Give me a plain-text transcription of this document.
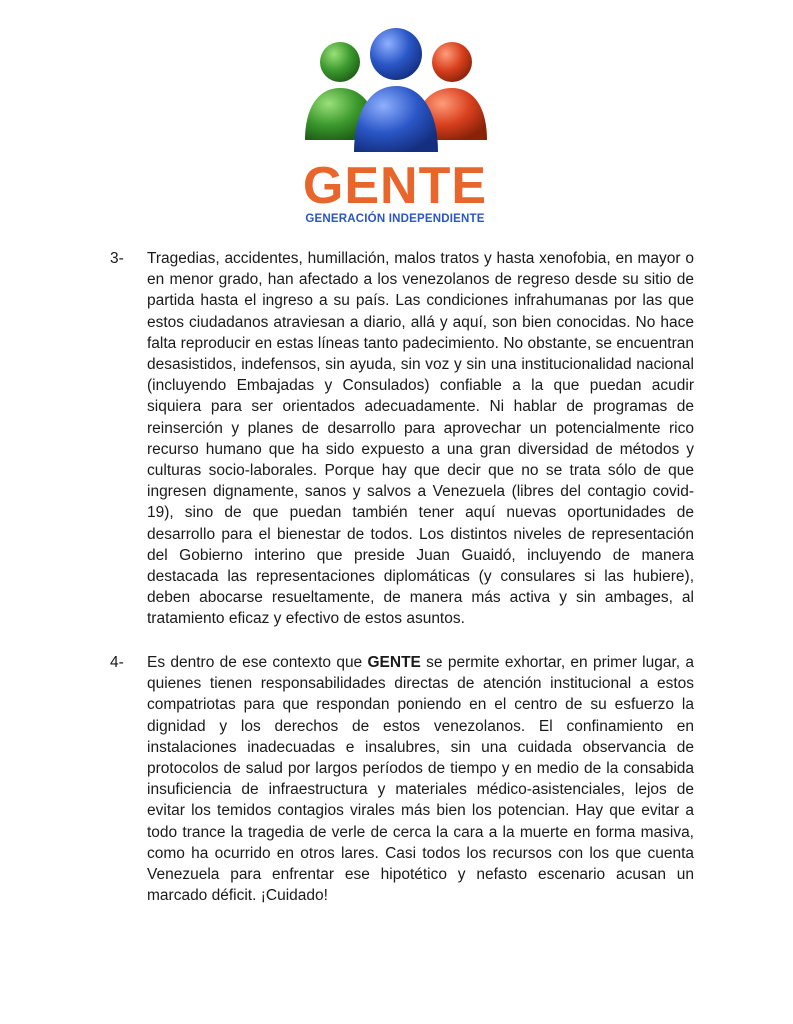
GENTE
GENERACIÓN INDEPENDIENTE
3-	Tragedias, accidentes, humillación, malos tratos y hasta xenofobia, en mayor o en menor grado, han afectado a los venezolanos de regreso desde su sitio de partida hasta el ingreso a su país. Las condiciones infrahumanas por las que estos ciudadanos atraviesan a diario, allá y aquí, son bien conocidas. No hace falta reproducir en estas líneas tanto padecimiento. No obstante, se encuentran desasistidos, indefensos, sin ayuda, sin voz y sin una institucionalidad nacional (incluyendo Embajadas y Consulados) confiable a la que puedan acudir siquiera para ser orientados adecuadamente. Ni hablar de programas de reinserción y planes de desarrollo para aprovechar un potencialmente rico recurso humano que ha sido expuesto a una gran diversidad de métodos y culturas socio-laborales. Porque hay que decir que no se trata sólo de que ingresen dignamente, sanos y salvos a Venezuela (libres del contagio covid-19), sino de que puedan también tener aquí nuevas oportunidades de desarrollo para el bienestar de todos. Los distintos niveles de representación del Gobierno interino que preside Juan Guaidó, incluyendo de manera destacada las representaciones diplomáticas (y consulares si las hubiere), deben abocarse resueltamente, de manera más activa y sin ambages, al tratamiento eficaz y efectivo de estos asuntos.
4-	Es dentro de ese contexto que GENTE se permite exhortar, en primer lugar, a quienes tienen responsabilidades directas de atención institucional a estos compatriotas para que respondan poniendo en el centro de su esfuerzo la dignidad y los derechos de estos venezolanos. El confinamiento en instalaciones inadecuadas e insalubres, sin una cuidada observancia de protocolos de salud por largos períodos de tiempo y en medio de la consabida insuficiencia de infraestructura y materiales médico-asistenciales, lejos de evitar los temidos contagios virales más bien los potencian. Hay que evitar a todo trance la tragedia de verle de cerca la cara a la muerte en forma masiva, como ha ocurrido en otros lares. Casi todos los recursos con los que cuenta Venezuela para enfrentar ese hipotético y nefasto escenario acusan un marcado déficit. ¡Cuidado!
